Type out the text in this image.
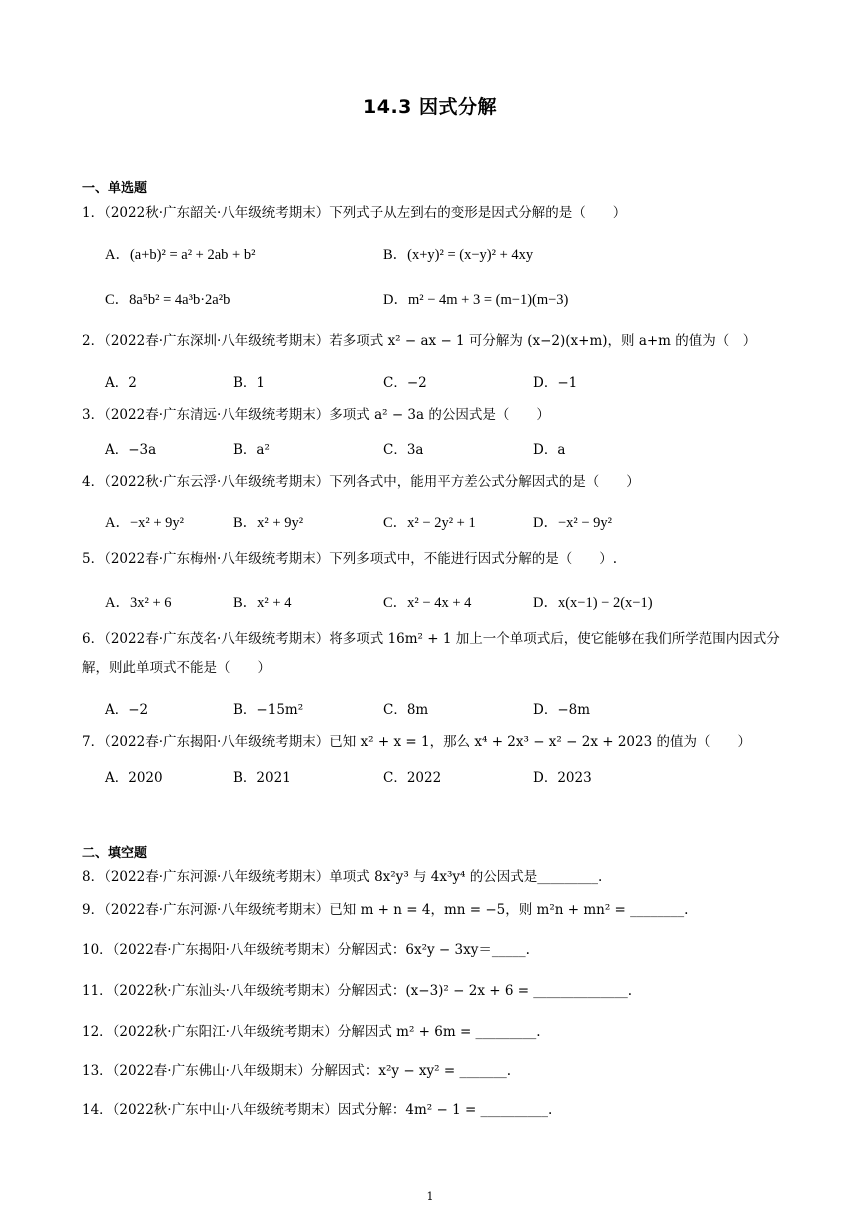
14.3 因式分解
一、单选题
1．（2022秋·广东韶关·八年级统考期末）下列式子从左到右的变形是因式分解的是（　　）
A．(a+b)² = a² + 2ab + b²	B．(x+y)² = (x−y)² + 4xy
C．8a⁵b² = 4a³b·2a²b	D．m² − 4m + 3 = (m−1)(m−3)
2．（2022春·广东深圳·八年级统考期末）若多项式 x² − ax − 1 可分解为 (x−2)(x+m)，则 a+m 的值为（　）
A．2	B．1	C．−2	D．−1
3．（2022春·广东清远·八年级统考期末）多项式 a² − 3a 的公因式是（　　）
A．−3a	B．a²	C．3a	D．a
4．（2022秋·广东云浮·八年级统考期末）下列各式中，能用平方差公式分解因式的是（　　）
A．−x² + 9y²	B．x² + 9y²	C．x² − 2y² + 1	D．−x² − 9y²
5．（2022春·广东梅州·八年级统考期末）下列多项式中，不能进行因式分解的是（　　）.
A．3x² + 6	B．x² + 4	C．x² − 4x + 4	D．x(x−1) − 2(x−1)
6．（2022春·广东茂名·八年级统考期末）将多项式 16m² + 1 加上一个单项式后，使它能够在我们所学范围内因式分解，则此单项式不能是（　　）
A．−2	B．−15m²	C．8m	D．−8m
7．（2022春·广东揭阳·八年级统考期末）已知 x² + x = 1，那么 x⁴ + 2x³ − x² − 2x + 2023 的值为（　　）
A．2020	B．2021	C．2022	D．2023
二、填空题
8．（2022春·广东河源·八年级统考期末）单项式 8x²y³ 与 4x³y⁴ 的公因式是_________.
9．（2022春·广东河源·八年级统考期末）已知 m + n = 4，mn = −5，则 m²n + mn² = ________.
10．（2022春·广东揭阳·八年级统考期末）分解因式：6x²y − 3xy＝_____.
11．（2022秋·广东汕头·八年级统考期末）分解因式：(x−3)² − 2x + 6 = ______________.
12．（2022秋·广东阳江·八年级统考期末）分解因式 m² + 6m = _________.
13．（2022春·广东佛山·八年级期末）分解因式：x²y − xy² = _______.
14．（2022秋·广东中山·八年级统考期末）因式分解：4m² − 1 = __________.
1
